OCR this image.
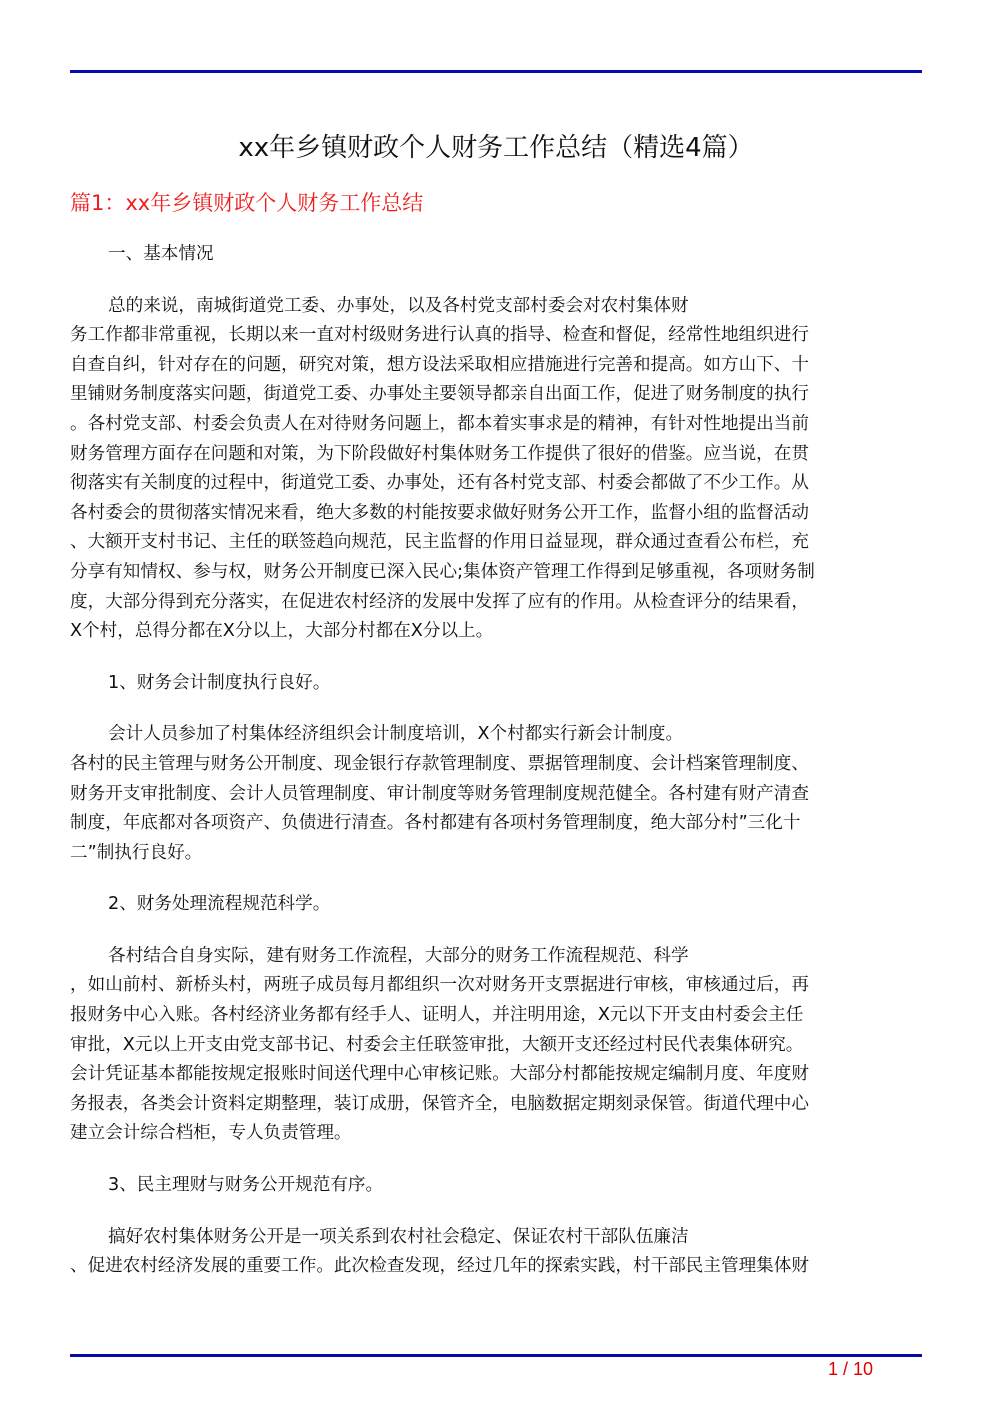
xx年乡镇财政个人财务工作总结（精选4篇）
篇1：xx年乡镇财政个人财务工作总结

一、基本情况

总的来说，南城街道党工委、办事处，以及各村党支部村委会对农村集体财

务工作都非常重视，长期以来一直对村级财务进行认真的指导、检查和督促，经常性地组织进行

自查自纠，针对存在的问题，研究对策，想方设法采取相应措施进行完善和提高。如方山下、十

里铺财务制度落实问题，街道党工委、办事处主要领导都亲自出面工作，促进了财务制度的执行

。各村党支部、村委会负责人在对待财务问题上，都本着实事求是的精神，有针对性地提出当前

财务管理方面存在问题和对策，为下阶段做好村集体财务工作提供了很好的借鉴。应当说，在贯

彻落实有关制度的过程中，街道党工委、办事处，还有各村党支部、村委会都做了不少工作。从

各村委会的贯彻落实情况来看，绝大多数的村能按要求做好财务公开工作，监督小组的监督活动

、大额开支村书记、主任的联签趋向规范，民主监督的作用日益显现，群众通过查看公布栏，充

分享有知情权、参与权，财务公开制度已深入民心;集体资产管理工作得到足够重视，各项财务制

度，大部分得到充分落实，在促进农村经济的发展中发挥了应有的作用。从检查评分的结果看，

X个村，总得分都在X分以上，大部分村都在X分以上。

1、财务会计制度执行良好。

会计人员参加了村集体经济组织会计制度培训，X个村都实行新会计制度。

各村的民主管理与财务公开制度、现金银行存款管理制度、票据管理制度、会计档案管理制度、

财务开支审批制度、会计人员管理制度、审计制度等财务管理制度规范健全。各村建有财产清查

制度，年底都对各项资产、负债进行清查。各村都建有各项村务管理制度，绝大部分村”三化十

二”制执行良好。

2、财务处理流程规范科学。

各村结合自身实际，建有财务工作流程，大部分的财务工作流程规范、科学

，如山前村、新桥头村，两班子成员每月都组织一次对财务开支票据进行审核，审核通过后，再

报财务中心入账。各村经济业务都有经手人、证明人，并注明用途，X元以下开支由村委会主任

审批，X元以上开支由党支部书记、村委会主任联签审批，大额开支还经过村民代表集体研究。

会计凭证基本都能按规定报账时间送代理中心审核记账。大部分村都能按规定编制月度、年度财

务报表，各类会计资料定期整理，装订成册，保管齐全，电脑数据定期刻录保管。街道代理中心

建立会计综合档柜，专人负责管理。

3、民主理财与财务公开规范有序。

搞好农村集体财务公开是一项关系到农村社会稳定、保证农村干部队伍廉洁

、促进农村经济发展的重要工作。此次检查发现，经过几年的探索实践，村干部民主管理集体财

1 / 10
